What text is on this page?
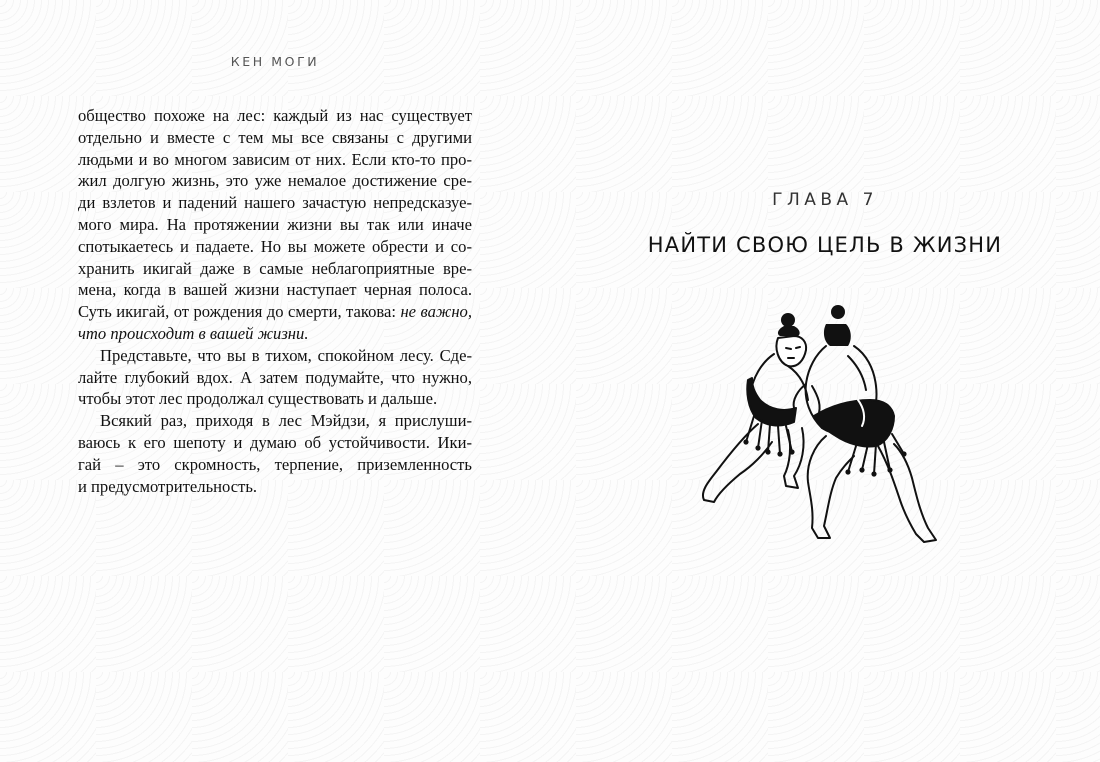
КЕН МОГИ
общество похоже на лес: каждый из нас существует
отдельно и вместе с тем мы все связаны с другими
людьми и во многом зависим от них. Если кто-то про-
жил долгую жизнь, это уже немалое достижение сре-
ди взлетов и падений нашего зачастую непредсказуе-
мого мира. На протяжении жизни вы так или иначе
спотыкаетесь и падаете. Но вы можете обрести и со-
хранить икигай даже в самые неблагоприятные вре-
мена, когда в вашей жизни наступает черная полоса.
Суть икигай, от рождения до смерти, такова: не важно,
что происходит в вашей жизни.
Представьте, что вы в тихом, спокойном лесу. Сде-
лайте глубокий вдох. А затем подумайте, что нужно,
чтобы этот лес продолжал существовать и дальше.
Всякий раз, приходя в лес Мэйдзи, я прислуши-
ваюсь к его шепоту и думаю об устойчивости. Ики-
гай – это скромность, терпение, приземленность
и предусмотрительность.
ГЛАВА 7
НАЙТИ СВОЮ ЦЕЛЬ В ЖИЗНИ
